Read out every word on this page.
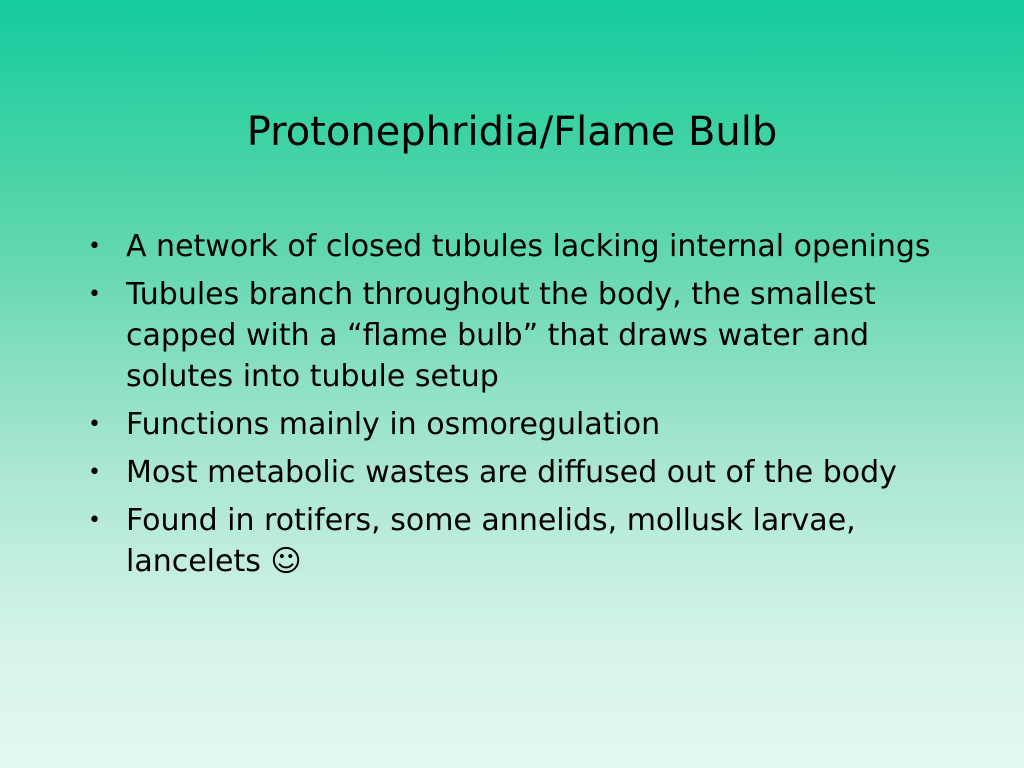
Protonephridia/Flame Bulb
• A network of closed tubules lacking internal openings
• Tubules branch throughout the body, the smallest capped with a “flame bulb” that draws water and solutes into tubule setup
• Functions mainly in osmoregulation
• Most metabolic wastes are diffused out of the body
• Found in rotifers, some annelids, mollusk larvae, lancelets ☺
